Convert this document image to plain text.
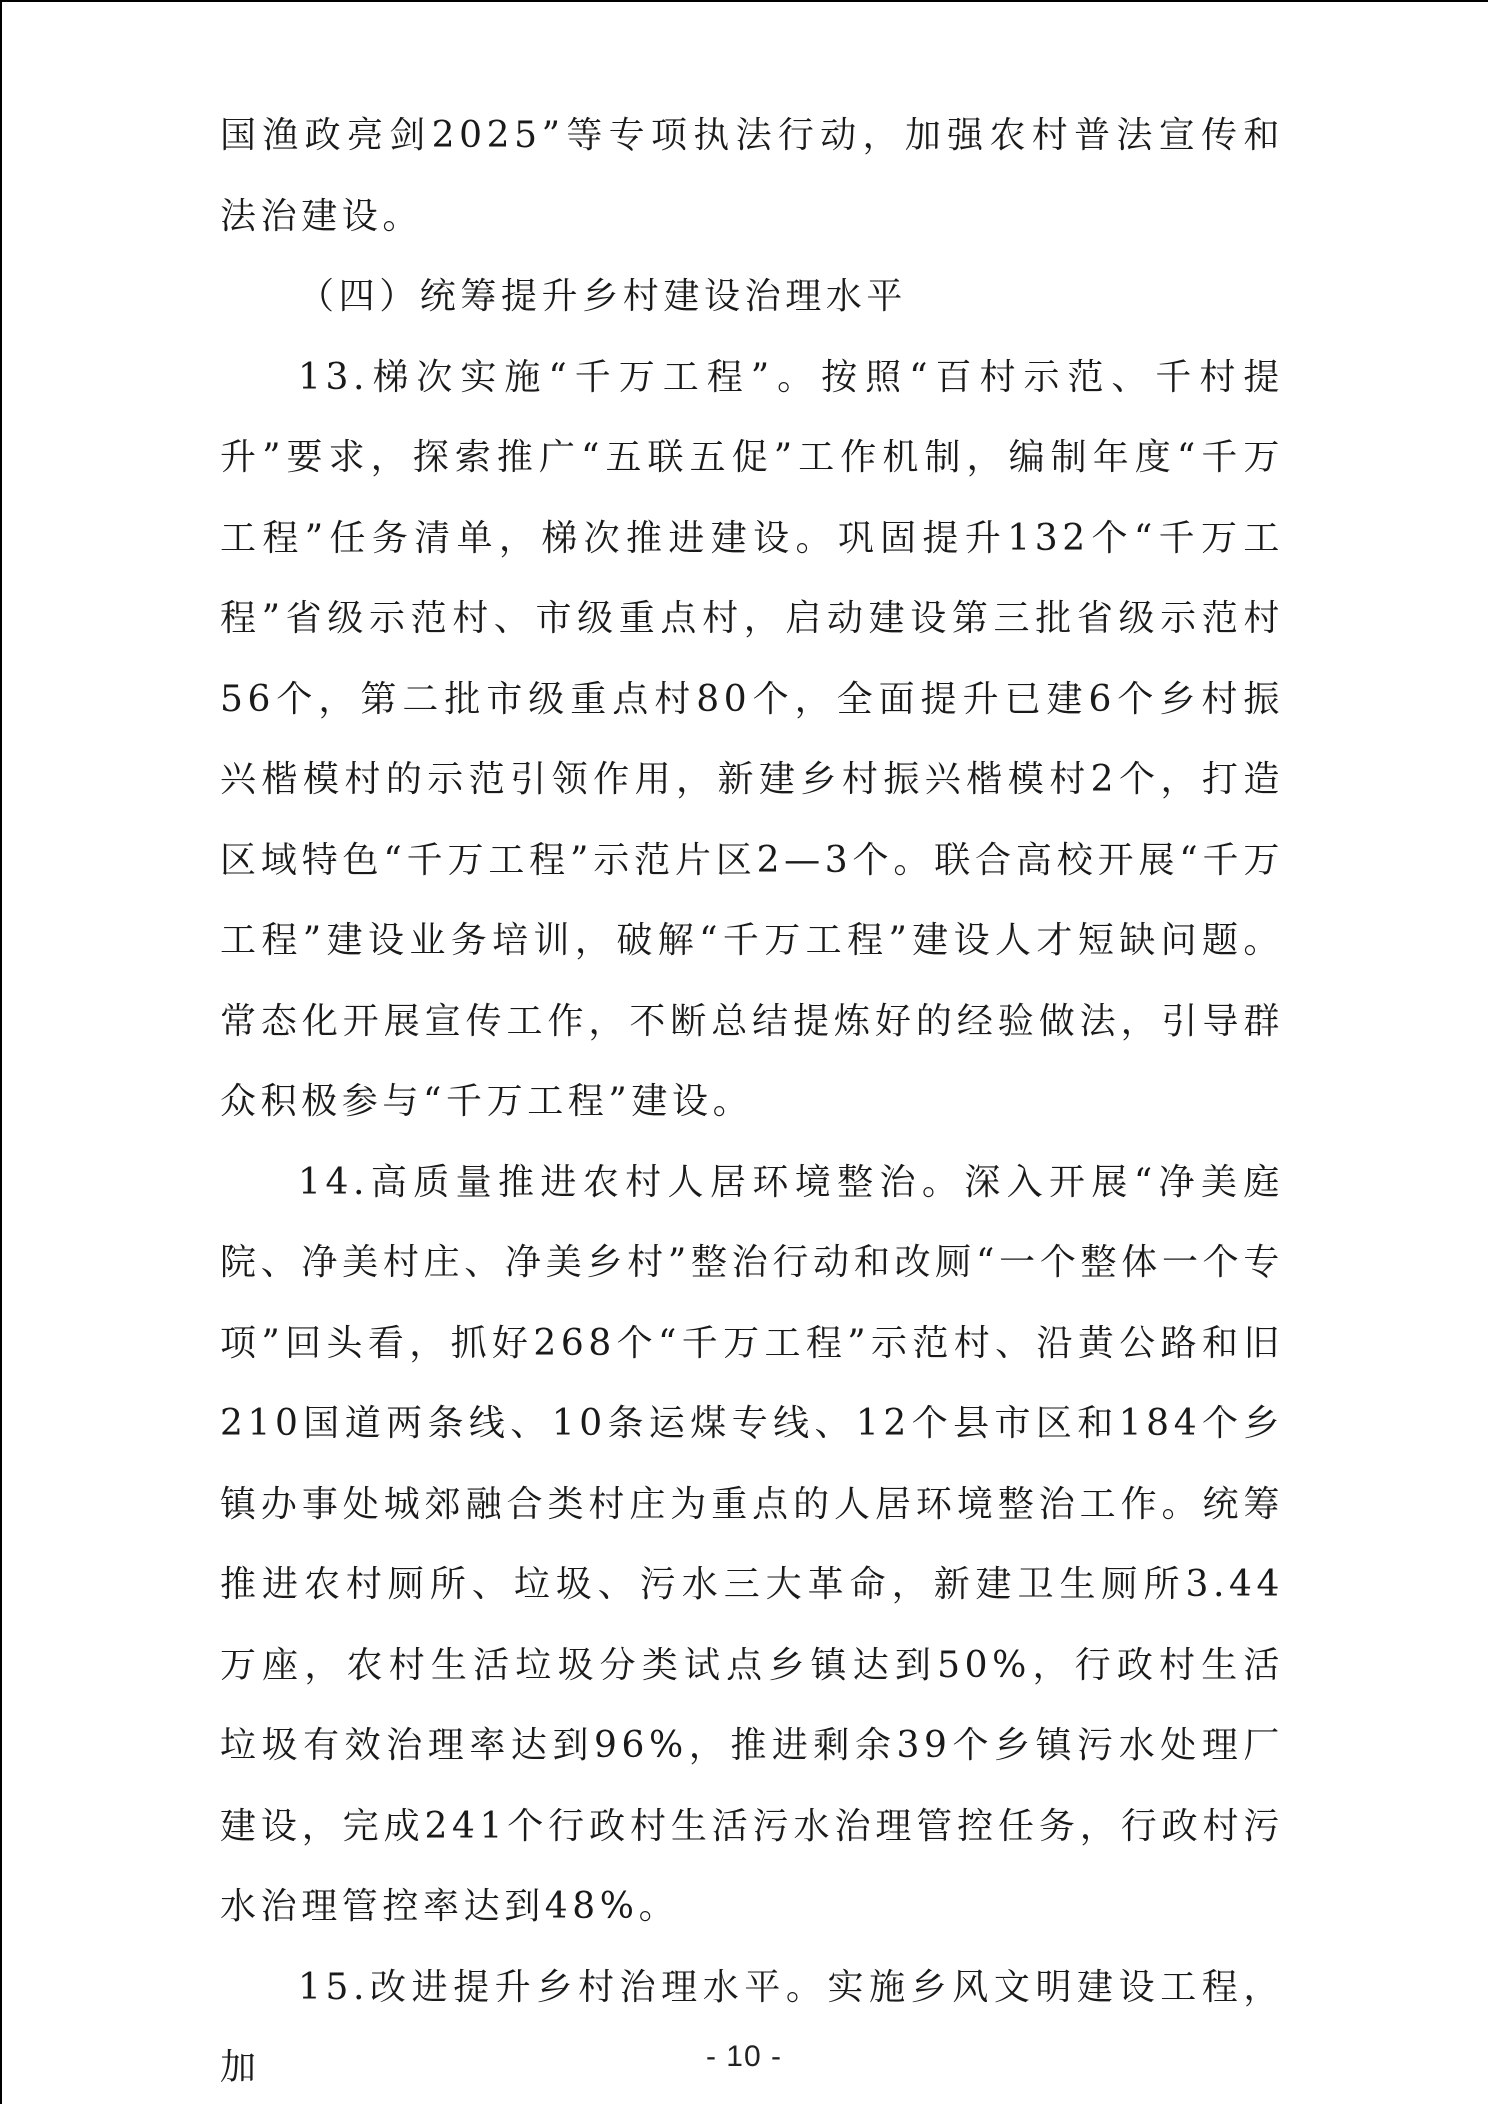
国渔政亮剑2025”等专项执法行动，加强农村普法宣传和法治建设。

（四）统筹提升乡村建设治理水平

13.梯次实施“千万工程”。按照“百村示范、千村提升”要求，探索推广“五联五促”工作机制，编制年度“千万工程”任务清单，梯次推进建设。巩固提升132个“千万工程”省级示范村、市级重点村，启动建设第三批省级示范村56个，第二批市级重点村80个，全面提升已建6个乡村振兴楷模村的示范引领作用，新建乡村振兴楷模村2个，打造区域特色“千万工程”示范片区2—3个。联合高校开展“千万工程”建设业务培训，破解“千万工程”建设人才短缺问题。常态化开展宣传工作，不断总结提炼好的经验做法，引导群众积极参与“千万工程”建设。

14.高质量推进农村人居环境整治。深入开展“净美庭院、净美村庄、净美乡村”整治行动和改厕“一个整体一个专项”回头看，抓好268个“千万工程”示范村、沿黄公路和旧210国道两条线、10条运煤专线、12个县市区和184个乡镇办事处城郊融合类村庄为重点的人居环境整治工作。统筹推进农村厕所、垃圾、污水三大革命，新建卫生厕所3.44万座，农村生活垃圾分类试点乡镇达到50%，行政村生活垃圾有效治理率达到96%，推进剩余39个乡镇污水处理厂建设，完成241个行政村生活污水治理管控任务，行政村污水治理管控率达到48%。

15.改进提升乡村治理水平。实施乡风文明建设工程，加	- 10 -
